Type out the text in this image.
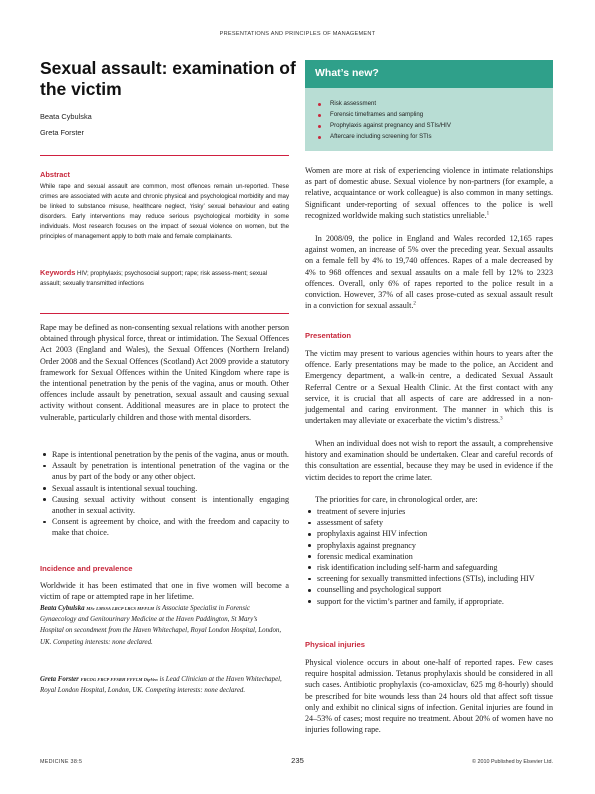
PRESENTATIONS AND PRINCIPLES OF MANAGEMENT
Sexual assault: examination of the victim
Beata Cybulska
Greta Forster
Abstract

While rape and sexual assault are common, most offences remain un-reported. These crimes are associated with acute and chronic physical and psychological morbidity and may be linked to substance misuse, healthcare neglect, ‘risky’ sexual behaviour and eating disorders. Early interventions may reduce serious psychological morbidity in some individuals. Most research focuses on the impact of sexual violence on women, but the principles of management apply to both male and female complainants.

Keywords HIV; prophylaxis; psychosocial support; rape; risk assess-ment; sexual assault; sexually transmitted infections

What’s new?
Risk assessment
Forensic timeframes and sampling
Prophylaxis against pregnancy and STIs/HIV
Aftercare including screening for STIs

Rape may be defined as non-consenting sexual relations with another person obtained through physical force, threat or intimidation. The Sexual Offences Act 2003 (England and Wales), the Sexual Offences (Northern Ireland) Order 2008 and the Sexual Offences (Scotland) Act 2009 provide a statutory framework for Sexual Offences within the United Kingdom where rape is the intentional penetration by the penis of the vagina, anus or mouth. Other offences include assault by penetration, sexual assault and causing sexual activity without consent. Additional measures are in place to protect the vulnerable, particularly children and those with mental disorders.

Rape is intentional penetration by the penis of the vagina, anus or mouth.
Assault by penetration is intentional penetration of the vagina or the anus by part of the body or any other object.
Sexual assault is intentional sexual touching.
Causing sexual activity without consent is intentionally engaging another in sexual activity.
Consent is agreement by choice, and with the freedom and capacity to make that choice.
Incidence and prevalence

Worldwide it has been estimated that one in five women will become a victim of rape or attempted rape in her lifetime.

Beata Cybulska MSc LMSSA LRCP LRCS MFFLM is Associate Specialist in Forensic Gynaecology and Genitourinary Medicine at the Haven Paddington, St Mary’s Hospital on secondment from the Haven Whitechapel, Royal London Hospital, London, UK. Competing interests: none declared.

Greta Forster FRCOG FRCP FFSRH FFFLM DipVen is Lead Clinician at the Haven Whitechapel, Royal London Hospital, London, UK. Competing interests: none declared.

Women are more at risk of experiencing violence in intimate relationships as part of domestic abuse. Sexual violence by non-partners (for example, a relative, acquaintance or work colleague) is also common in many settings. Significant under-reporting of sexual offences to the police is well recognized worldwide making such statistics unreliable.$^1$

In 2008/09, the police in England and Wales recorded 12,165 rapes against women, an increase of 5% over the preceding year. Sexual assaults on a female fell by 4% to 19,740 offences. Rapes of a male decreased by 4% to 968 offences and sexual assaults on a male fell by 12% to 2323 offences. Overall, only 6% of rapes reported to the police result in a conviction. However, 37% of all cases prose-cuted as sexual assault result in a conviction for sexual assault.$^2$

Presentation

The victim may present to various agencies within hours to years after the offence. Early presentations may be made to the police, an Accident and Emergency department, a walk-in centre, a dedicated Sexual Assault Referral Centre or a Sexual Health Clinic. At the first contact with any service, it is crucial that all aspects of care are addressed in a non-judgemental and caring environment. The manner in which this is undertaken may alleviate or exacerbate the victim’s distress.$^3$

When an individual does not wish to report the assault, a comprehensive history and examination should be undertaken. Clear and careful records of this consultation are essential, because they may be used in evidence if the victim decides to report the crime later.

The priorities for care, in chronological order, are:

treatment of severe injuries
assessment of safety
prophylaxis against HIV infection
prophylaxis against pregnancy
forensic medical examination
risk identification including self-harm and safeguarding
screening for sexually transmitted infections (STIs), including HIV
counselling and psychological support
support for the victim’s partner and family, if appropriate.
Physical injuries

Physical violence occurs in about one-half of reported rapes. Few cases require hospital admission. Tetanus prophylaxis should be considered in all such cases. Antibiotic prophylaxis (co-amoxiclav, 625 mg 8-hourly) should be prescribed for bite wounds less than 24 hours old that affect soft tissue only and exhibit no clinical signs of infection. Genital injuries are found in 24–53% of cases; most require no treatment. About 20% of women have no injuries following rape.

MEDICINE 38:5	235	© 2010 Published by Elsevier Ltd.
